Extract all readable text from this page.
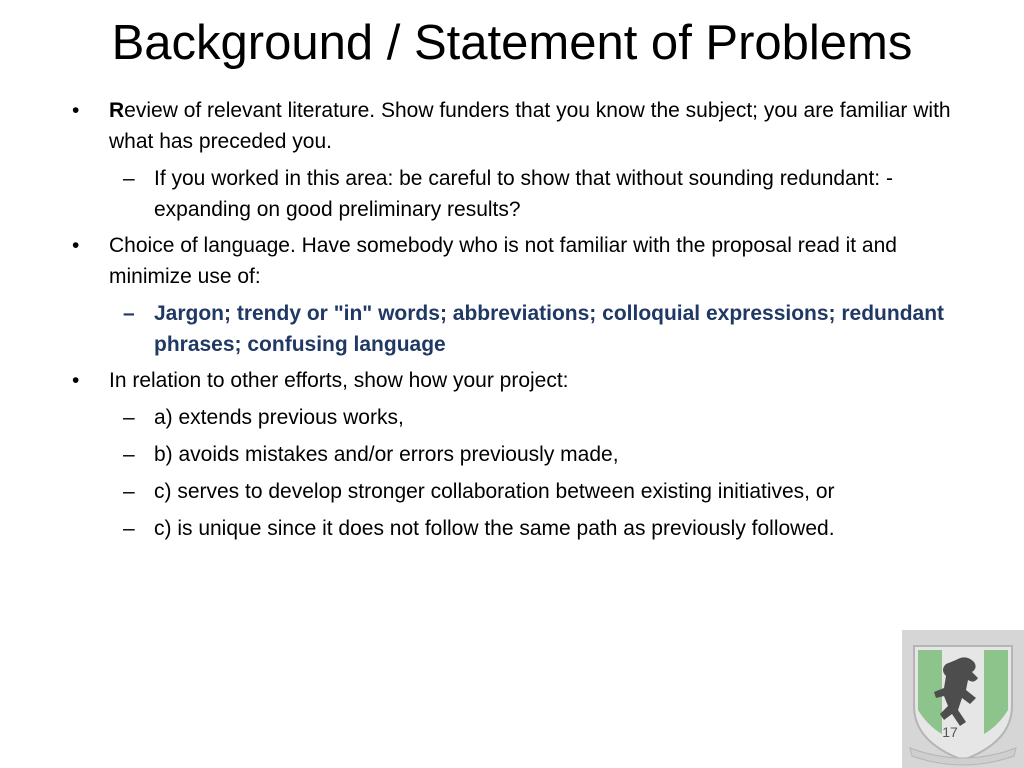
Background / Statement of Problems
• Review of relevant literature. Show funders that you know the subject; you are familiar with what has preceded you.
– If you worked in this area: be careful to show that without sounding redundant: -expanding on good preliminary results?
• Choice of language. Have somebody who is not familiar with the proposal read it and minimize use of:
– Jargon; trendy or "in" words; abbreviations; colloquial expressions; redundant phrases; confusing language
• In relation to other efforts, show how your project:
– a) extends previous works,
– b) avoids mistakes and/or errors previously made,
– c) serves to develop stronger collaboration between existing initiatives, or
– c) is unique since it does not follow the same path as previously followed.
17
